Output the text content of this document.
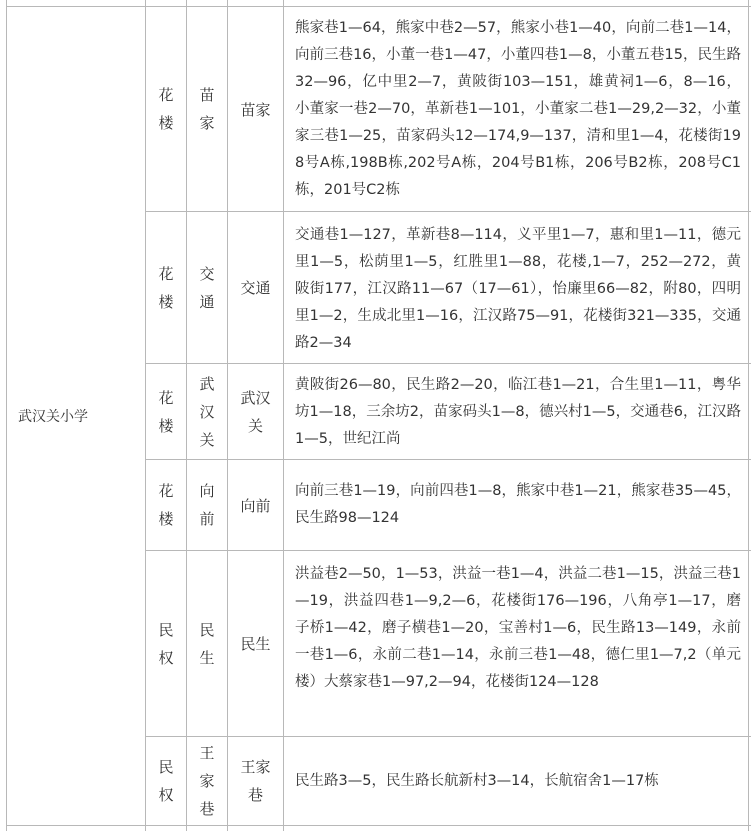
武汉关小学
花楼
苗家
苗家
熊家巷1—64，熊家中巷2—57，熊家小巷1—40，向前二巷1—14，向前三巷16，小董一巷1—47，小董四巷1—8，小董五巷15，民生路32—96，亿中里2—7，黄陂街103—151，雄黄祠1—6，8—16，小董家一巷2—70，革新巷1—101，小董家二巷1—29,2—32，小董家三巷1—25，苗家码头12—174,9—137，清和里1—4，花楼街198号A栋,198B栋,202号A栋，204号B1栋，206号B2栋，208号C1栋，201号C2栋
花楼
交通
交通
交通巷1—127，革新巷8—114，义平里1—7，惠和里1—11，德元里1—5，松荫里1—5，红胜里1—88，花楼,1—7，252—272，黄陂街177，江汉路11—67（17—61），怡廉里66—82，附80，四明里1—2，生成北里1—16，江汉路75—91，花楼街321—335，交通路2—34
花楼
武汉关
武汉关
黄陂街26—80，民生路2—20，临江巷1—21，合生里1—11，粤华坊1—18，三余坊2，苗家码头1—8，德兴村1—5，交通巷6，江汉路1—5，世纪江尚
花楼
向前
向前
向前三巷1—19，向前四巷1—8，熊家中巷1—21，熊家巷35—45，民生路98—124
民权
民生
民生
洪益巷2—50，1—53，洪益一巷1—4，洪益二巷1—15，洪益三巷1—19，洪益四巷1—9,2—6，花楼街176—196，八角亭1—17，磨子桥1—42，磨子横巷1—20，宝善村1—6，民生路13—149，永前一巷1—6，永前二巷1—14，永前三巷1—48，德仁里1—7,2（单元楼）大蔡家巷1—97,2—94，花楼街124—128
民权
王家巷
王家巷
民生路3—5，民生路长航新村3—14，长航宿舍1—17栋
